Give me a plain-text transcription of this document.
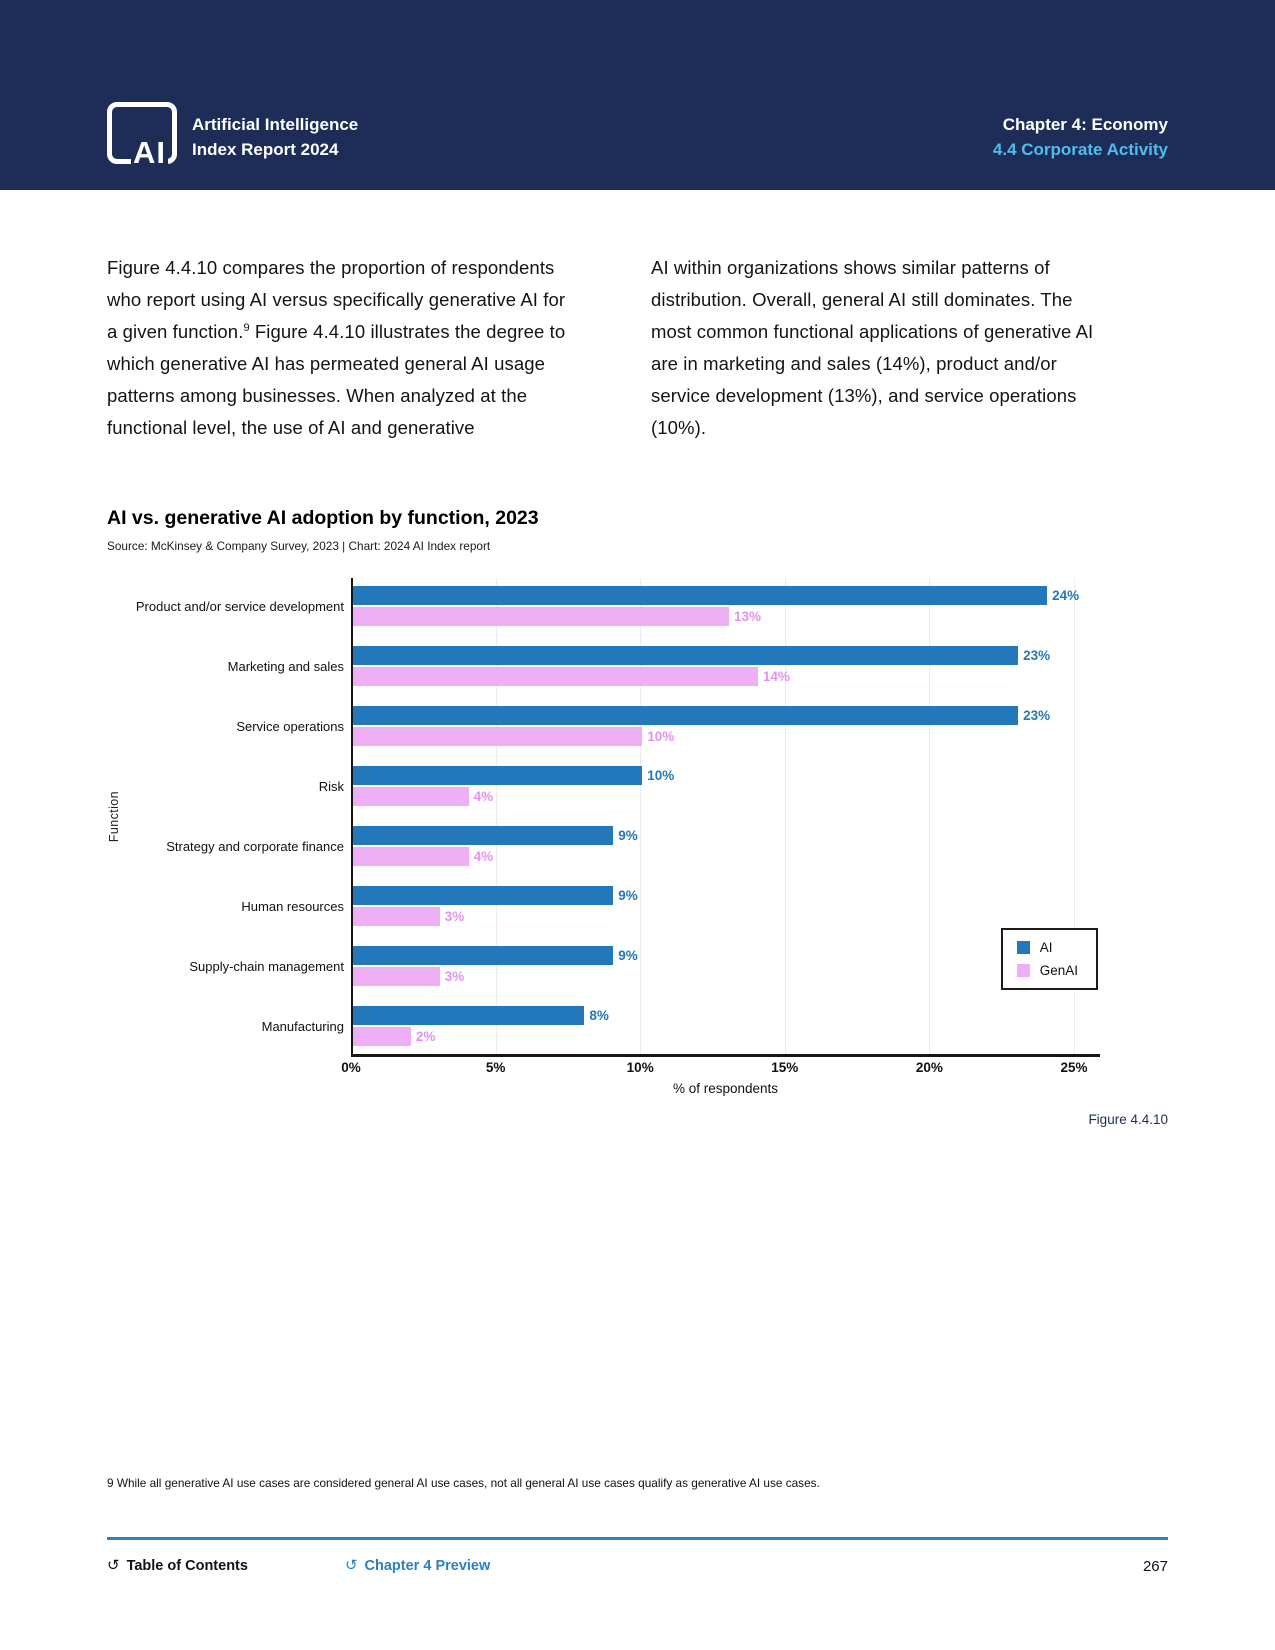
AI
Artificial Intelligence
Index Report 2024
Chapter 4: Economy
4.4 Corporate Activity
Figure 4.4.10 compares the proportion of respondents who report using AI versus specifically generative AI for a given function.$^9$ Figure 4.4.10 illustrates the degree to which generative AI has permeated general AI usage patterns among businesses. When analyzed at the functional level, the use of AI and generative
AI within organizations shows similar patterns of distribution. Overall, general AI still dominates. The most common functional applications of generative AI are in marketing and sales (14%), product and/or service development (13%), and service operations (10%).
AI vs. generative AI adoption by function, 2023
Source: McKinsey & Company Survey, 2023 | Chart: 2024 AI Index report
Function
Product and/or service development
24%
13%
Marketing and sales
23%
14%
Service operations
23%
10%
Risk
10%
4%
Strategy and corporate finance
9%
4%
Human resources
9%
3%
Supply-chain management
9%
3%
Manufacturing
8%
2%
AI
GenAI
0%	5%	10%	15%	20%	25%
% of respondents
Figure 4.4.10
9 While all generative AI use cases are considered general AI use cases, not all general AI use cases qualify as generative AI use cases.
↺ Table of Contents	↺ Chapter 4 Preview	267
